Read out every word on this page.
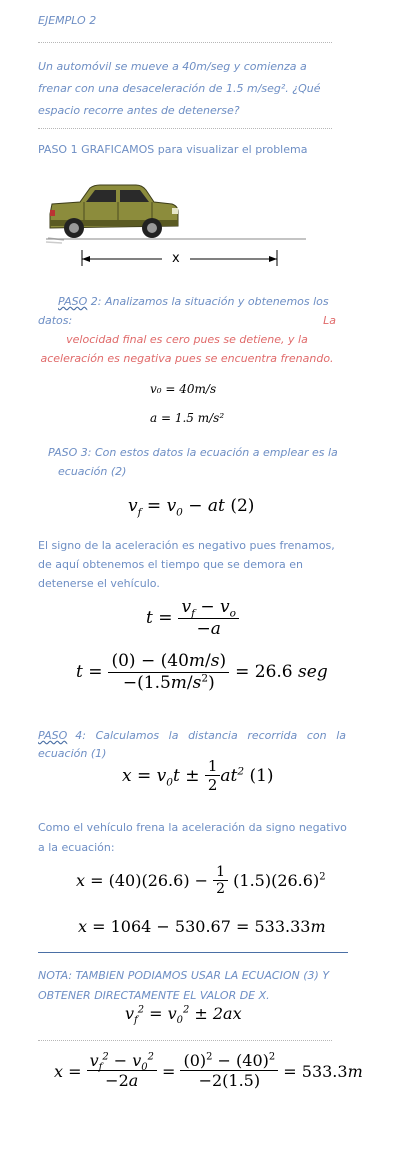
EJEMPLO 2
Un automóvil se mueve a 40m/seg y comienza a
frenar con una desaceleración de 1.5 m/seg². ¿Qué
espacio recorre antes de detenerse?
PASO 1 GRAFICAMOS para visualizar el problema
x
PASO 2: Analizamos la situación y obtenemos los
datos:	La
velocidad final es cero pues se detiene, y la
aceleración es negativa pues se encuentra frenando.
v₀ = 40m/s
a = 1.5 m/s²
PASO 3: Con estos datos la ecuación a emplear es la
ecuación (2)
$v_f = v_0$ − at (2)
El signo de la aceleración es negativo pues frenamos,
de aquí obtenemos el tiempo que se demora en
detenerse el vehículo.
$t = \frac{v_f - v_o}{-a}$
$t = \frac{(0) - (40m/s)}{-(1.5m/s^2)} = 26.6$ seg
PASO 4: Calculamos la distancia recorrida con la
ecuación (1)
$x = v_0t \pm \frac{1}{2} at^2$ (1)
Como el vehículo frena la aceleración da signo negativo
a la ecuación:
$x = (40)(26.6) - \frac{1}{2} (1.5)(26.6)^2$
x = 1064 − 530.67 = 533.33m
NOTA: TAMBIEN PODIAMOS USAR LA ECUACION (3) Y
OBTENER DIRECTAMENTE EL VALOR DE X.
$v_f^2 = v_0^2 \pm 2ax$
$x = \frac{v_f^2 - v_0^2}{-2a} = \frac{(0)^2 - (40)^2}{-2(1.5)} = 533.3$ m
